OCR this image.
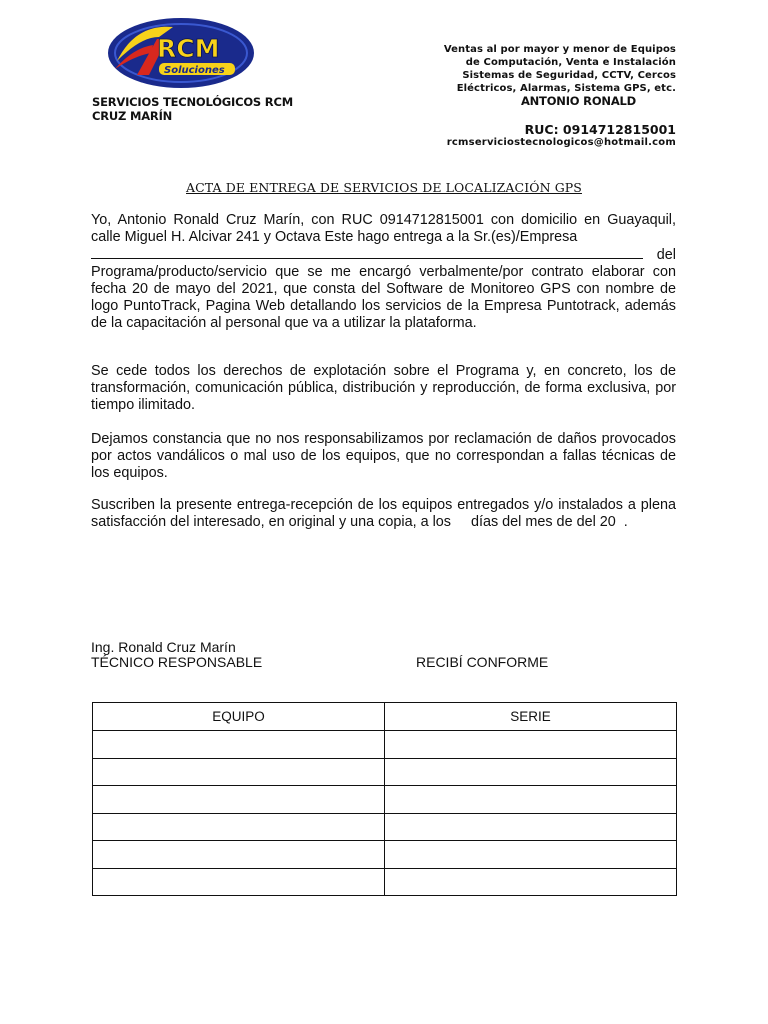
RCM
Soluciones
SERVICIOS TECNOLÓGICOS RCM
CRUZ MARÍN
Ventas al por mayor y menor de Equipos
de Computación, Venta e Instalación
Sistemas de Seguridad, CCTV, Cercos
Eléctricos, Alarmas, Sistema GPS, etc.
ANTONIO RONALD
RUC: 0914712815001
rcmserviciostecnologicos@hotmail.com
ACTA DE ENTREGA DE SERVICIOS DE LOCALIZACIÓN GPS
Yo, Antonio Ronald Cruz Marín, con RUC 0914712815001 con domicilio en Guayaquil, calle Miguel H. Alcivar 241 y Octava Este hago entrega a la Sr.(es)/Empresa
del
Programa/producto/servicio que se me encargó verbalmente/por contrato elaborar con fecha 20 de mayo del 2021, que consta del Software de Monitoreo GPS con nombre de logo PuntoTrack, Pagina Web detallando los servicios de la Empresa Puntotrack, además de la capacitación al personal que va a utilizar la plataforma.
Se cede todos los derechos de explotación sobre el Programa y, en concreto, los de transformación, comunicación pública, distribución y reproducción, de forma exclusiva, por tiempo ilimitado.
Dejamos constancia que no nos responsabilizamos por reclamación de daños provocados por actos vandálicos o mal uso de los equipos, que no correspondan a fallas técnicas de los equipos.
Suscriben la presente entrega-recepción de los equipos entregados y/o instalados a plena satisfacción del interesado, en original y una copia, a los     días del mes de del 20  .
Ing. Ronald Cruz Marín
TÉCNICO RESPONSABLE	RECIBÍ CONFORME
EQUIPO	SERIE
